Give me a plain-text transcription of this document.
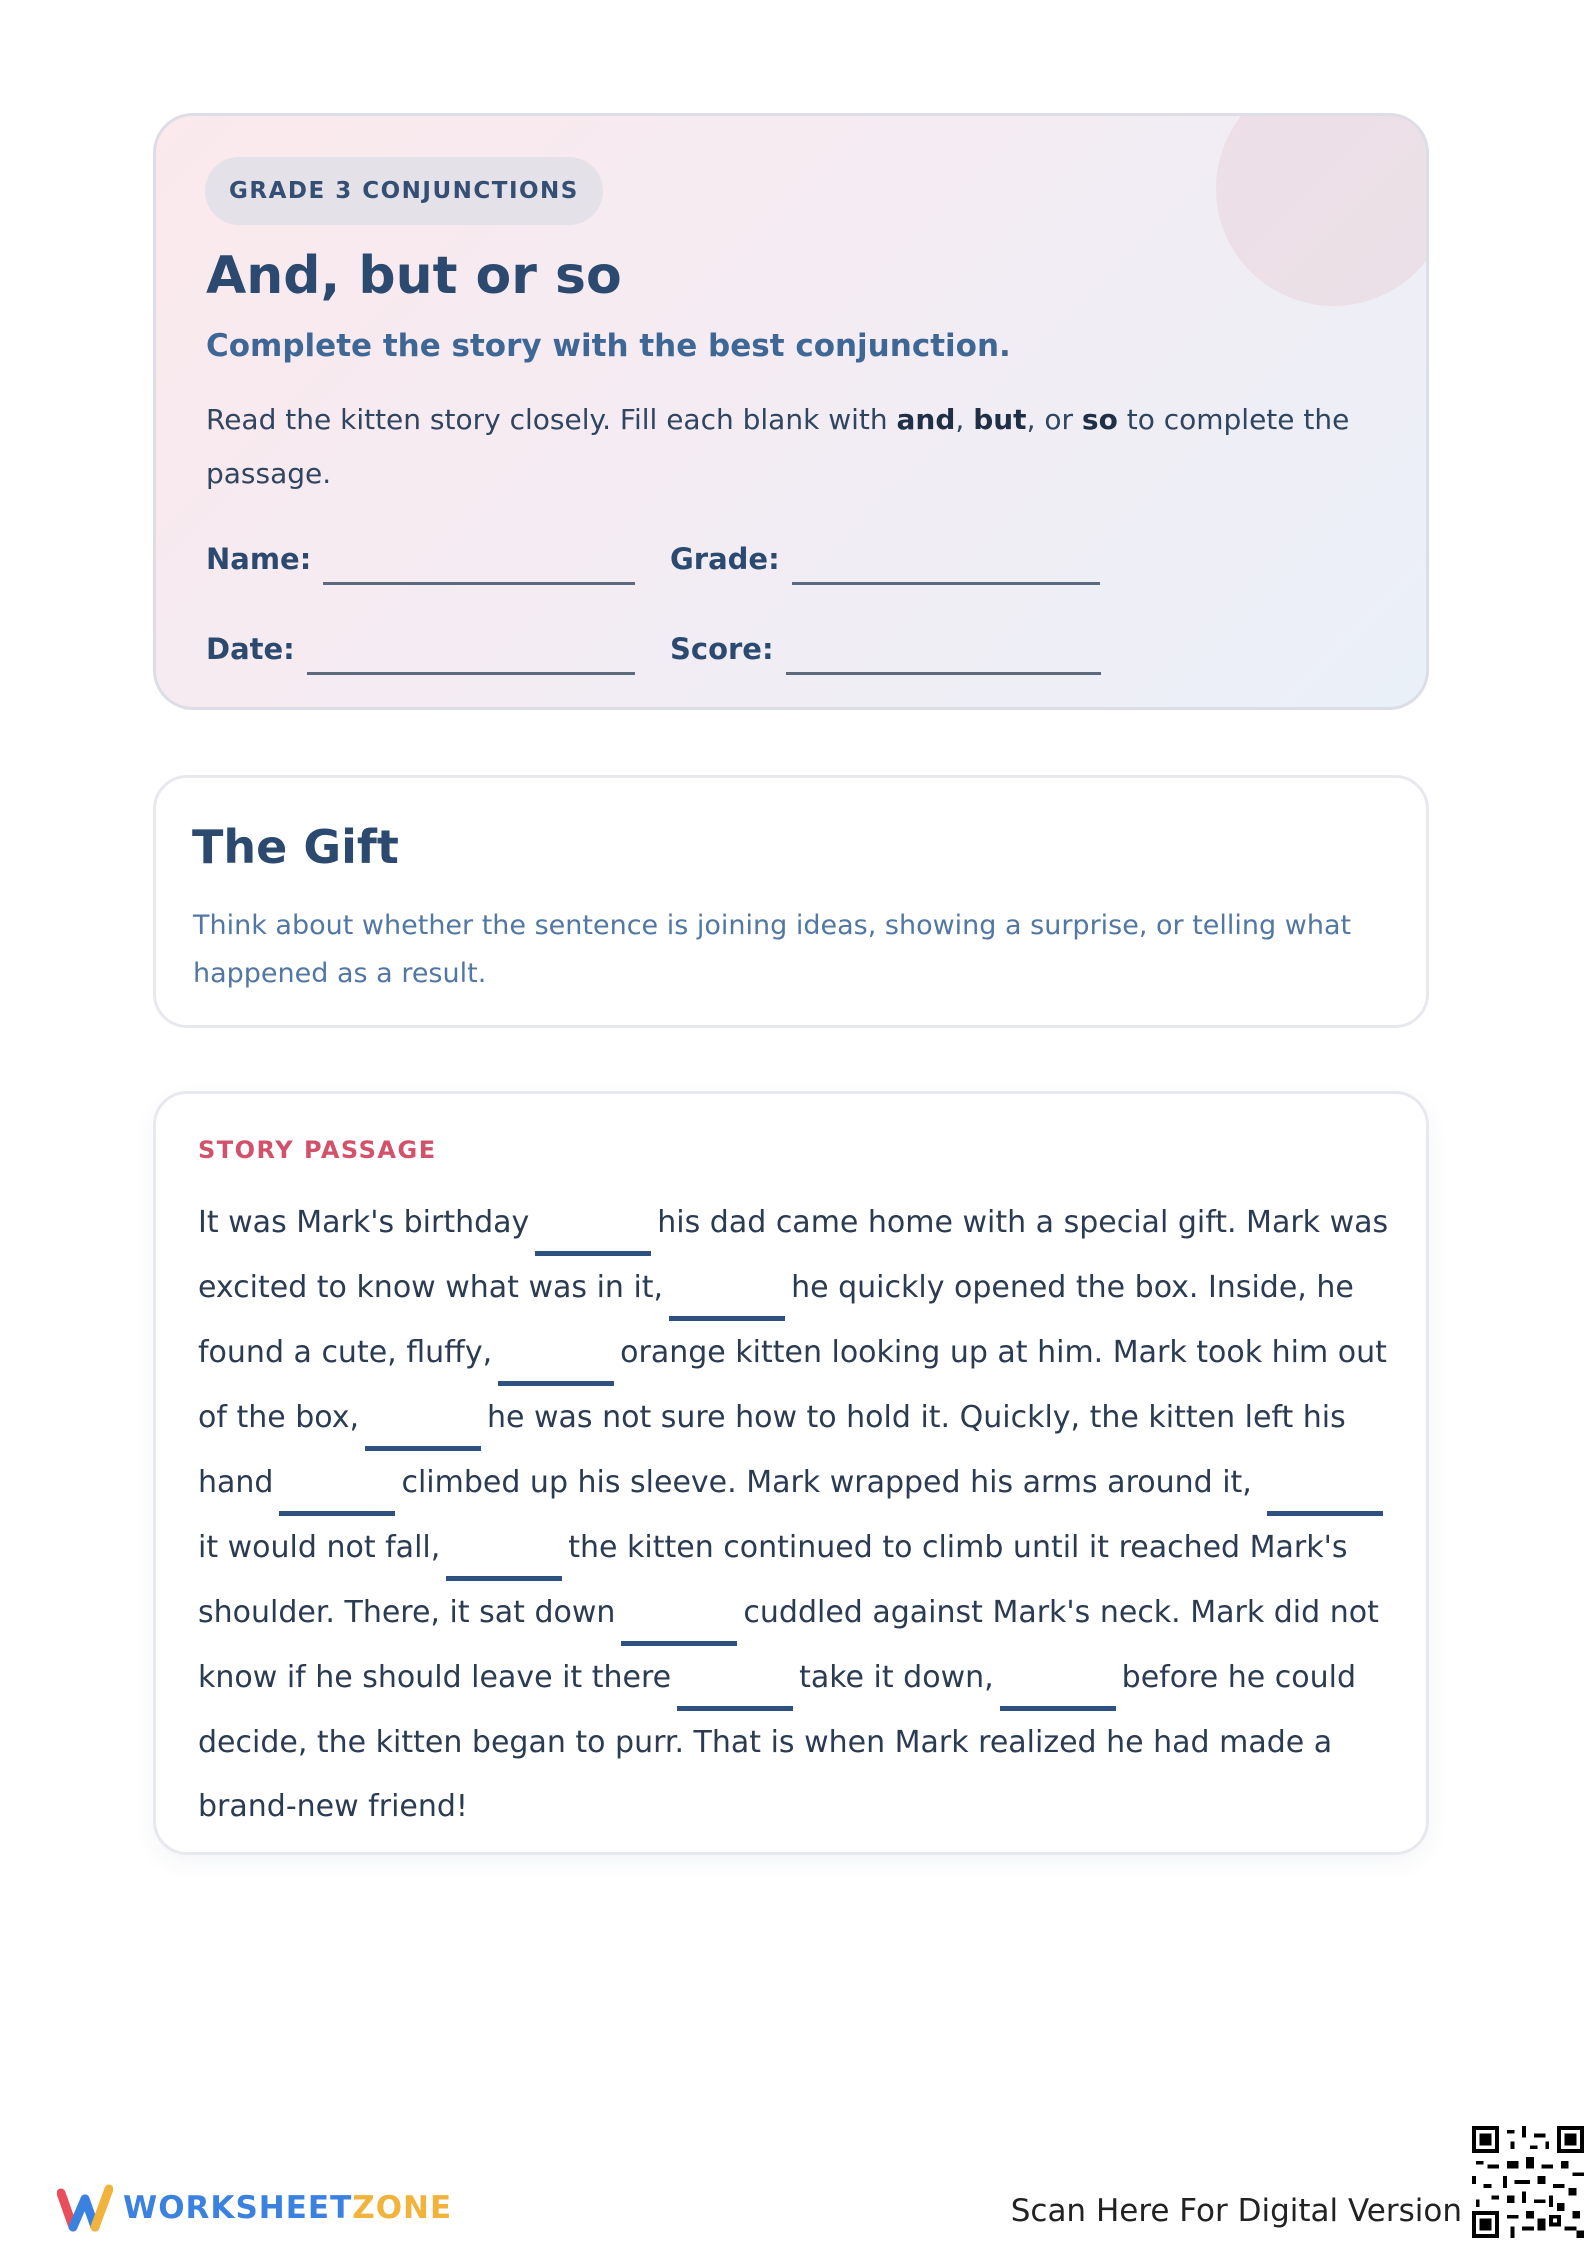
GRADE 3 CONJUNCTIONS
And, but or so
Complete the story with the best conjunction.

Read the kitten story closely. Fill each blank with and, but, or so to complete the passage.

Name:	Grade:
Date:	Score:
The Gift

Think about whether the sentence is joining ideas, showing a surprise, or telling what happened as a result.

STORY PASSAGE

It was Mark's birthday	his dad came home with a special gift. Mark was excited to know what was in it,	he quickly opened the box. Inside, he found a cute, fluffy,	orange kitten looking up at him. Mark took him out of the box,	he was not sure how to hold it. Quickly, the kitten left his hand	climbed up his sleeve. Mark wrapped his arms around it, it would not fall,	the kitten continued to climb until it reached Mark's shoulder. There, it sat down	cuddled against Mark's neck. Mark did not know if he should leave it there	take it down,	before he could decide, the kitten began to purr. That is when Mark realized he had made a brand-new friend!

WORKSHEETZONE	Scan Here For Digital Version
